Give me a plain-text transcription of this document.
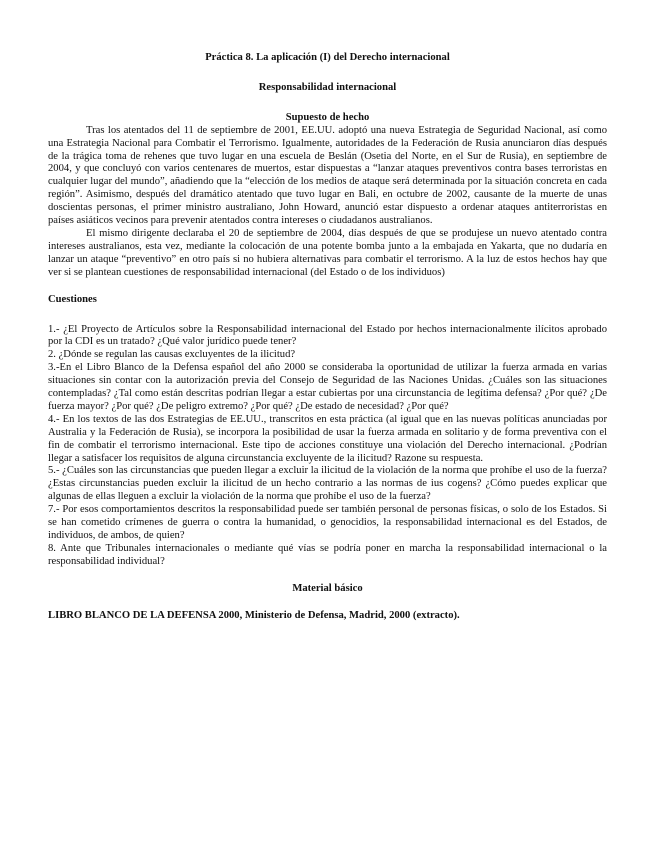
Práctica 8. La aplicación (I) del Derecho internacional

Responsabilidad internacional

Supuesto de hecho

Tras los atentados del 11 de septiembre de 2001, EE.UU. adoptó una nueva Estrategia de Seguridad Nacional, así como una Estrategia Nacional para Combatir el Terrorismo. Igualmente, autoridades de la Federación de Rusia anunciaron días después de la trágica toma de rehenes que tuvo lugar en una escuela de Beslán (Osetia del Norte, en el Sur de Rusia), en septiembre de 2004, y que concluyó con varios centenares de muertos, estar dispuestas a “lanzar ataques preventivos contra bases terroristas en cualquier lugar del mundo”, añadiendo que la “elección de los medios de ataque será determinada por la situación concreta en cada región”. Asimismo, después del dramático atentado que tuvo lugar en Bali, en octubre de 2002, causante de la muerte de unas doscientas personas, el primer ministro australiano, John Howard, anunció estar dispuesto a ordenar ataques antiterroristas en países asiáticos vecinos para prevenir atentados contra intereses o ciudadanos australianos.

El mismo dirigente declaraba el 20 de septiembre de 2004, días después de que se produjese un nuevo atentado contra intereses australianos, esta vez, mediante la colocación de una potente bomba junto a la embajada en Yakarta, que no dudaría en lanzar un ataque “preventivo” en otro país si no hubiera alternativas para combatir el terrorismo. A la luz de estos hechos hay que ver si se plantean cuestiones de responsabilidad internacional (del Estado o de los individuos)

Cuestiones

1.- ¿El Proyecto de Artículos sobre la Responsabilidad internacional del Estado por hechos internacionalmente ilícitos aprobado por la CDI es un tratado? ¿Qué valor jurídico puede tener?

2. ¿Dónde se regulan las causas excluyentes de la ilicitud?

3.-En el Libro Blanco de la Defensa español del año 2000 se consideraba la oportunidad de utilizar la fuerza armada en varias situaciones sin contar con la autorización previa del Consejo de Seguridad de las Naciones Unidas. ¿Cuáles son las situaciones contempladas? ¿Tal como están descritas podrían llegar a estar cubiertas por una circunstancia de legítima defensa? ¿Por qué? ¿De fuerza mayor? ¿Por qué? ¿De peligro extremo? ¿Por qué? ¿De estado de necesidad? ¿Por qué?

4.- En los textos de las dos Estrategias de EE.UU., transcritos en esta práctica (al igual que en las nuevas políticas anunciadas por Australia y la Federación de Rusia), se incorpora la posibilidad de usar la fuerza armada en solitario y de forma preventiva con el fin de combatir el terrorismo internacional. Este tipo de acciones constituye una violación del Derecho internacional. ¿Podrían llegar a satisfacer los requisitos de alguna circunstancia excluyente de la ilicitud? Razone su respuesta.

5.- ¿Cuáles son las circunstancias que pueden llegar a excluir la ilicitud de la violación de la norma que prohíbe el uso de la fuerza?¿Estas circunstancias pueden excluir la ilicitud de un hecho contrario a las normas de ius cogens? ¿Cómo puedes explicar que algunas de ellas lleguen a excluir la violación de la norma que prohíbe el uso de la fuerza?

7.- Por esos comportamientos descritos la responsabilidad puede ser también personal de personas físicas, o solo de los Estados. Si se han cometido crímenes de guerra o contra la humanidad, o genocidios, la responsabilidad internacional es del Estados, de individuos, de ambos, de quien?

8. Ante que Tribunales internacionales o mediante qué vías se podría poner en marcha la responsabilidad internacional o la responsabilidad individual?

Material básico

LIBRO BLANCO DE LA DEFENSA 2000, Ministerio de Defensa, Madrid, 2000 (extracto).
